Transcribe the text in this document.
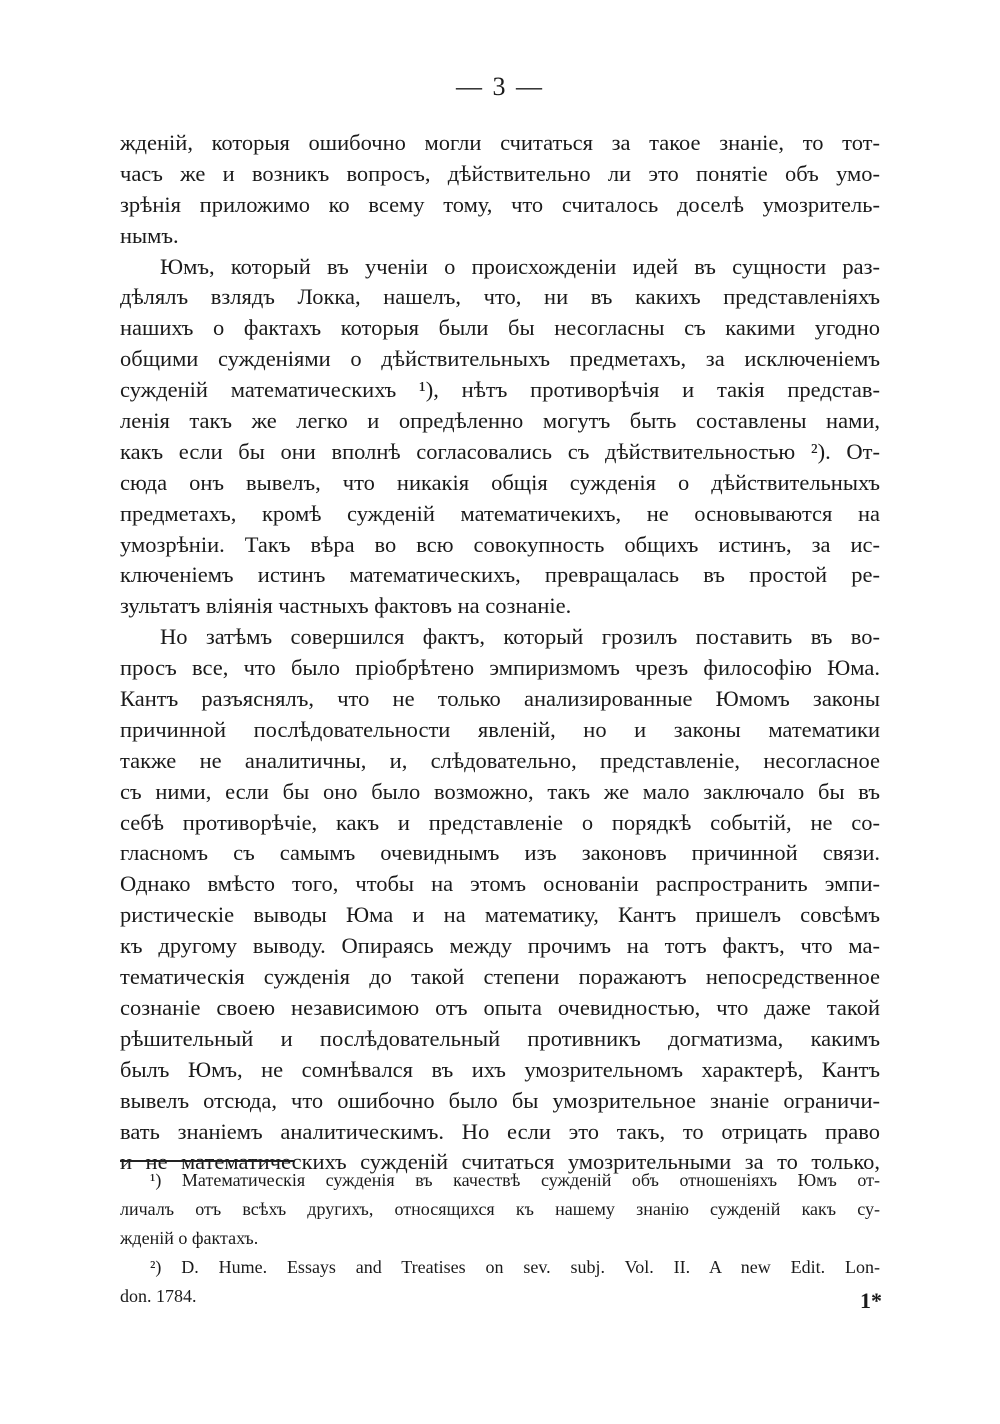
— 3 —
жденій, которыя ошибочно могли считаться за такое знаніе, то тот-
часъ же и возникъ вопросъ, дѣйствительно ли это понятіе объ умо-
зрѣнія приложимо ко всему тому, что считалось доселѣ умозритель-
нымъ.
Юмъ, который въ ученіи о происхожденіи идей въ сущности раз-
дѣлялъ взлядъ Локка, нашелъ, что, ни въ какихъ представленіяхъ
нашихъ о фактахъ которыя были бы несогласны съ какими угодно
общими сужденіями о дѣйствительныхъ предметахъ, за исключеніемъ
сужденій математическихъ ¹), нѣтъ противорѣчія и такія представ-
ленія такъ же легко и опредѣленно могутъ быть составлены нами,
какъ если бы они вполнѣ согласовались съ дѣйствительностью ²). От-
сюда онъ вывелъ, что никакія общія сужденія о дѣйствительныхъ
предметахъ, кромѣ сужденій математичекихъ, не основываются на
умозрѣніи. Такъ вѣра во всю совокупность общихъ истинъ, за ис-
ключеніемъ истинъ математическихъ, превращалась въ простой ре-
зультатъ вліянія частныхъ фактовъ на сознаніе.
Но затѣмъ совершился фактъ, который грозилъ поставить въ во-
просъ все, что было пріобрѣтено эмпиризмомъ чрезъ философію Юма.
Кантъ разъяснялъ, что не только анализированные Юмомъ законы
причинной послѣдовательности явленій, но и законы математики
также не аналитичны, и, слѣдовательно, представленіе, несогласное
съ ними, если бы оно было возможно, такъ же мало заключало бы въ
себѣ противорѣчіе, какъ и представленіе о порядкѣ событій, не со-
гласномъ съ самымъ очевиднымъ изъ законовъ причинной связи.
Однако вмѣсто того, чтобы на этомъ основаніи распространить эмпи-
ристическіе выводы Юма и на математику, Кантъ пришелъ совсѣмъ
къ другому выводу. Опираясь между прочимъ на тотъ фактъ, что ма-
тематическія сужденія до такой степени поражаютъ непосредственное
сознаніе своею независимою отъ опыта очевидностью, что даже такой
рѣшительный и послѣдовательный противникъ догматизма, какимъ
былъ Юмъ, не сомнѣвался въ ихъ умозрительномъ характерѣ, Кантъ
вывелъ отсюда, что ошибочно было бы умозрительное знаніе ограничи-
вать знаніемъ аналитическимъ. Но если это такъ, то отрицать право
и не математическихъ сужденій считаться умозрительными за то только,
¹) Математическія сужденія въ качествѣ сужденій объ отношеніяхъ Юмъ от-
личалъ отъ всѣхъ другихъ, относящихся къ нашему знанію сужденій какъ су-
жденій о фактахъ.
²) D. Hume. Essays and Treatises on sev. subj. Vol. II. A new Edit. Lon-
don. 1784.	1*
